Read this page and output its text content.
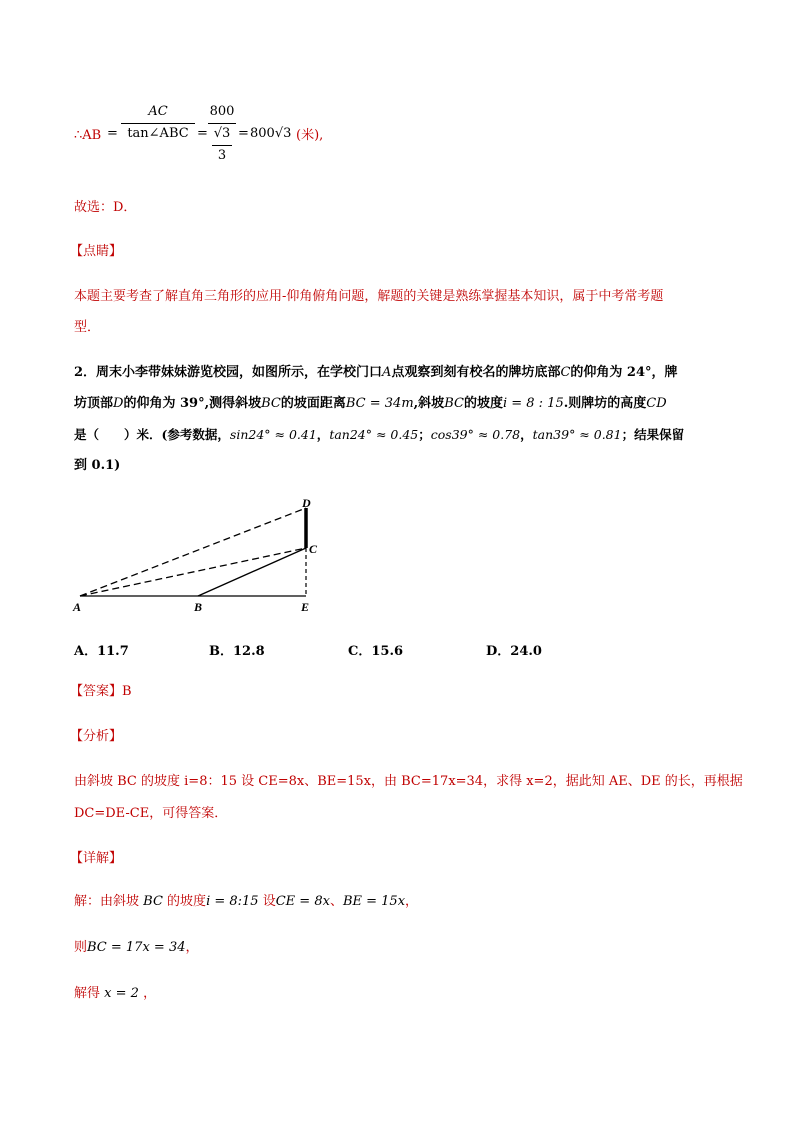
∴AB =
AC
tan∠ABC =
800
√3
3
= 800√3 (米),
故选：D．
【点睛】
本题主要考查了解直角三角形的应用-仰角俯角问题，解题的关键是熟练掌握基本知识，属于中考常考题
型．
2．周末小李带妹妹游览校园，如图所示，在学校门口A点观察到刻有校名的牌坊底部C的仰角为 24°，牌
坊顶部D的仰角为 39°,测得斜坡BC的坡面距离BC = 34m,斜坡BC的坡度i = 8 : 15.则牌坊的高度CD
是（　　）米．(参考数据，sin24° ≈ 0.41，tan24° ≈ 0.45；cos39° ≈ 0.78，tan39° ≈ 0.81；结果保留
到 0.1)
A	B
C
D
E
A．11.7	B．12.8	C．15.6	D．24.0
【答案】B
【分析】
由斜坡 BC 的坡度 i=8：15 设 CE=8x、BE=15x，由 BC=17x=34，求得 x=2，据此知 AE、DE 的长，再根据
DC=DE-CE，可得答案．
【详解】
解：由斜坡 BC 的坡度i = 8:15 设CE = 8x、BE = 15x，
则BC = 17x = 34，
解得 x = 2 ，
